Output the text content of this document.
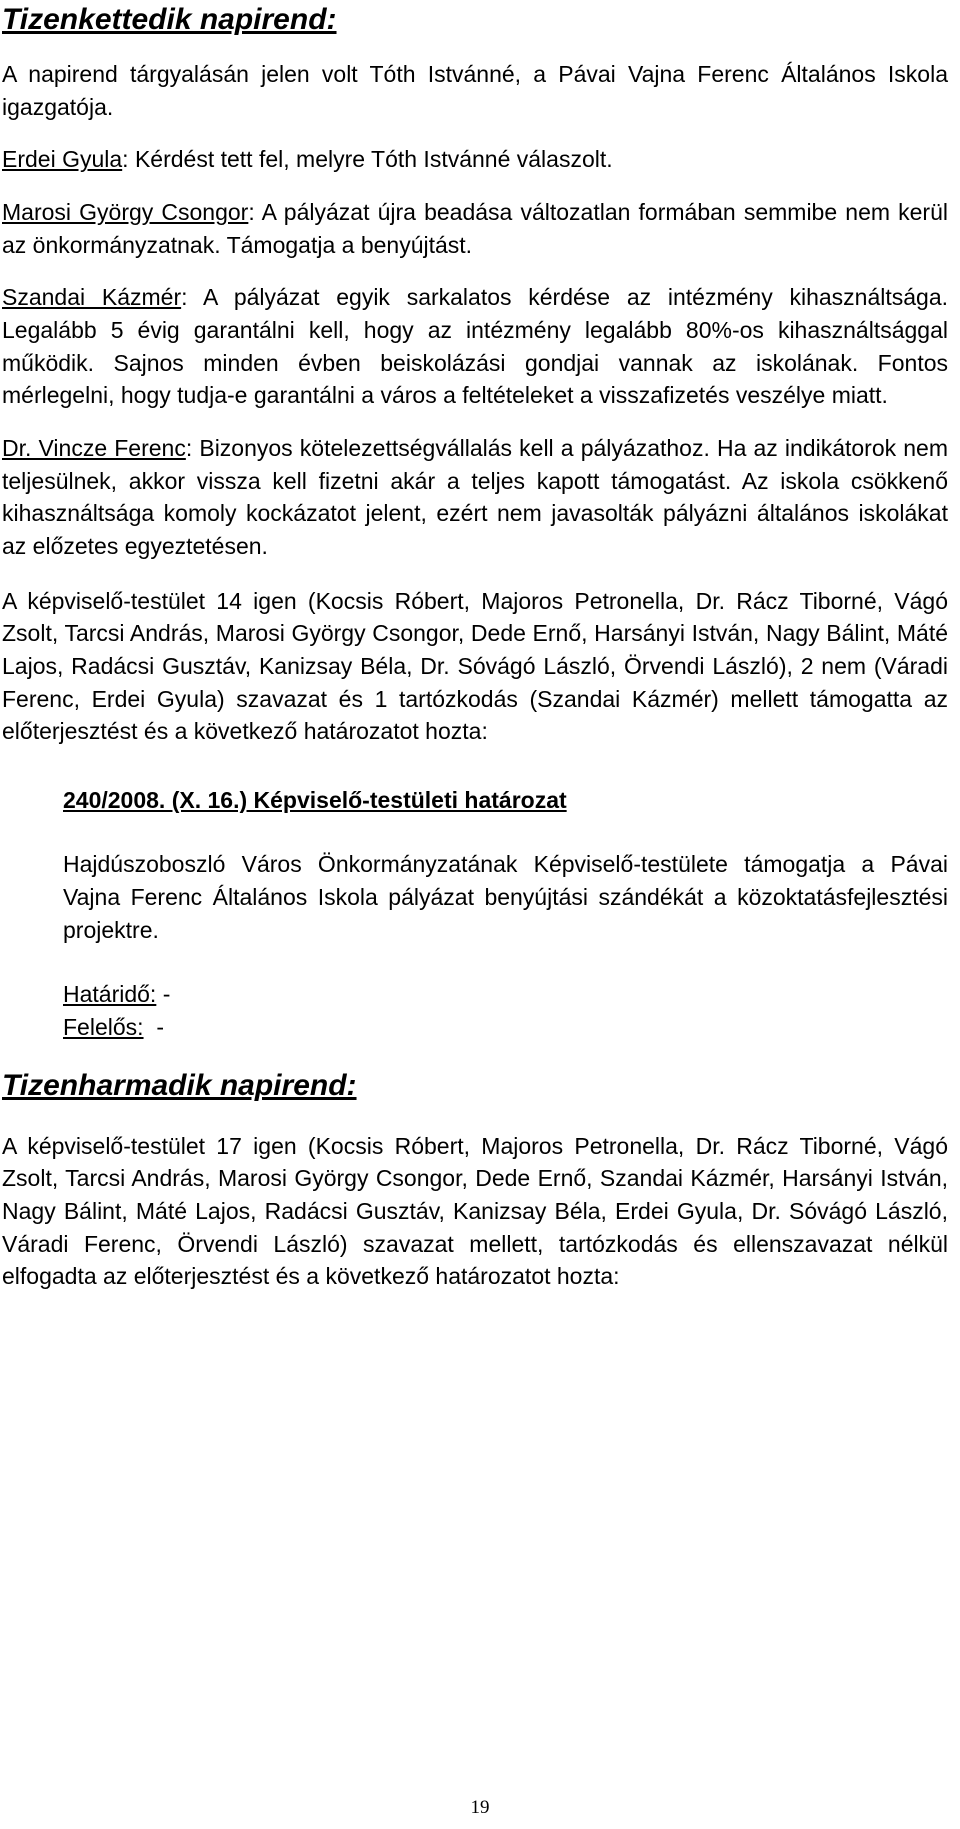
Tizenkettedik napirend:

A napirend tárgyalásán jelen volt Tóth Istvánné, a Pávai Vajna Ferenc Általános Iskola igazgatója.

Erdei Gyula: Kérdést tett fel, melyre Tóth Istvánné válaszolt.

Marosi György Csongor: A pályázat újra beadása változatlan formában semmibe nem kerül az önkormányzatnak. Támogatja a benyújtást.

Szandai Kázmér: A pályázat egyik sarkalatos kérdése az intézmény kihasználtsága. Legalább 5 évig garantálni kell, hogy az intézmény legalább 80%-os kihasználtsággal működik. Sajnos minden évben beiskolázási gondjai vannak az iskolának. Fontos mérlegelni, hogy tudja-e garantálni a város a feltételeket a visszafizetés veszélye miatt.

Dr. Vincze Ferenc: Bizonyos kötelezettségvállalás kell a pályázathoz. Ha az indikátorok nem teljesülnek, akkor vissza kell fizetni akár a teljes kapott támogatást. Az iskola csökkenő kihasználtsága komoly kockázatot jelent, ezért nem javasolták pályázni általános iskolákat az előzetes egyeztetésen.

A képviselő-testület 14 igen (Kocsis Róbert, Majoros Petronella, Dr. Rácz Tiborné, Vágó Zsolt, Tarcsi András, Marosi György Csongor, Dede Ernő, Harsányi István, Nagy Bálint, Máté Lajos, Radácsi Gusztáv, Kanizsay Béla, Dr. Sóvágó László, Örvendi László), 2 nem (Váradi Ferenc, Erdei Gyula) szavazat és 1 tartózkodás (Szandai Kázmér) mellett támogatta az előterjesztést és a következő határozatot hozta:

240/2008. (X. 16.) Képviselő-testületi határozat

Hajdúszoboszló Város Önkormányzatának Képviselő-testülete támogatja a Pávai Vajna Ferenc Általános Iskola pályázat benyújtási szándékát a közoktatásfejlesztési projektre.

Határidő: -
Felelős:  -
Tizenharmadik napirend:

A képviselő-testület 17 igen (Kocsis Róbert, Majoros Petronella, Dr. Rácz Tiborné, Vágó Zsolt, Tarcsi András, Marosi György Csongor, Dede Ernő, Szandai Kázmér, Harsányi István, Nagy Bálint, Máté Lajos, Radácsi Gusztáv, Kanizsay Béla, Erdei Gyula, Dr. Sóvágó László, Váradi Ferenc, Örvendi László) szavazat mellett, tartózkodás és ellenszavazat nélkül elfogadta az előterjesztést és a következő határozatot hozta:

19
